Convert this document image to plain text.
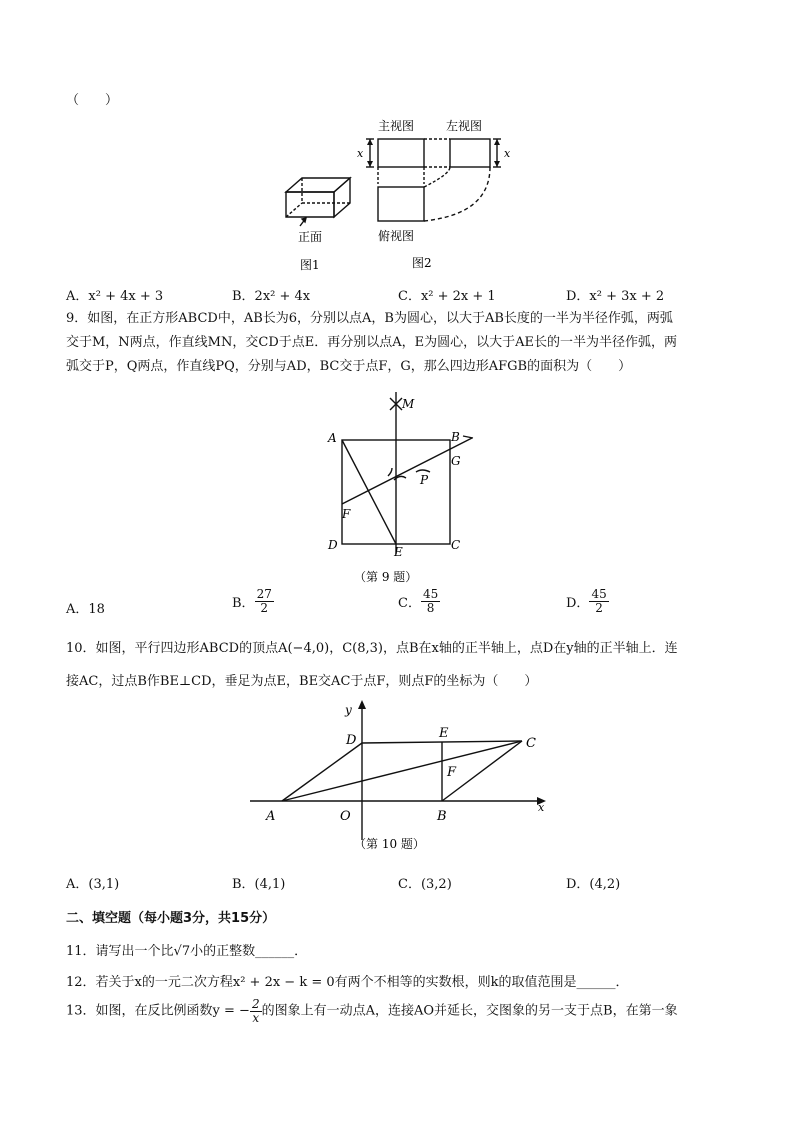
（　　）
正面
图1
主视图	左视图
x	x
俯视图
图2
A．x² + 4x + 3	B．2x² + 4x	C．x² + 2x + 1	D．x² + 3x + 2
9．如图，在正方形ABCD中，AB长为6，分别以点A，B为圆心，以大于AB长度的一半为半径作弧，两弧
交于M，N两点，作直线MN，交CD于点E．再分别以点A，E为圆心，以大于AE长的一半为半径作弧，两
弧交于P，Q两点，作直线PQ，分别与AD，BC交于点F，G，那么四边形AFGB的面积为（　　）
A	B
G
P
M
F
D	E	C
（第 9 题）
A．18	B． $\frac{27}{2}$	C． $\frac{45}{8}$	D． $\frac{45}{2}$
10．如图，平行四边形ABCD的顶点A(−4,0)，C(8,3)，点B在x轴的正半轴上，点D在y轴的正半轴上．连
接AC，过点B作BE⊥CD，垂足为点E，BE交AC于点F，则点F的坐标为（　　）
y
x
D	E
C
F
A	O	B
（第 10 题）
A．(3,1)	B．(4,1)	C．(3,2)	D．(4,2)
二、填空题（每小题3分，共15分）
11．请写出一个比√7小的正整数______．
12．若关于x的一元二次方程x² + 2x − k = 0有两个不相等的实数根，则k的取值范围是______．
13．如图，在反比例函数y = − $\frac{2}{x}$ 的图象上有一动点A，连接AO并延长，交图象的另一支于点B，在第一象
